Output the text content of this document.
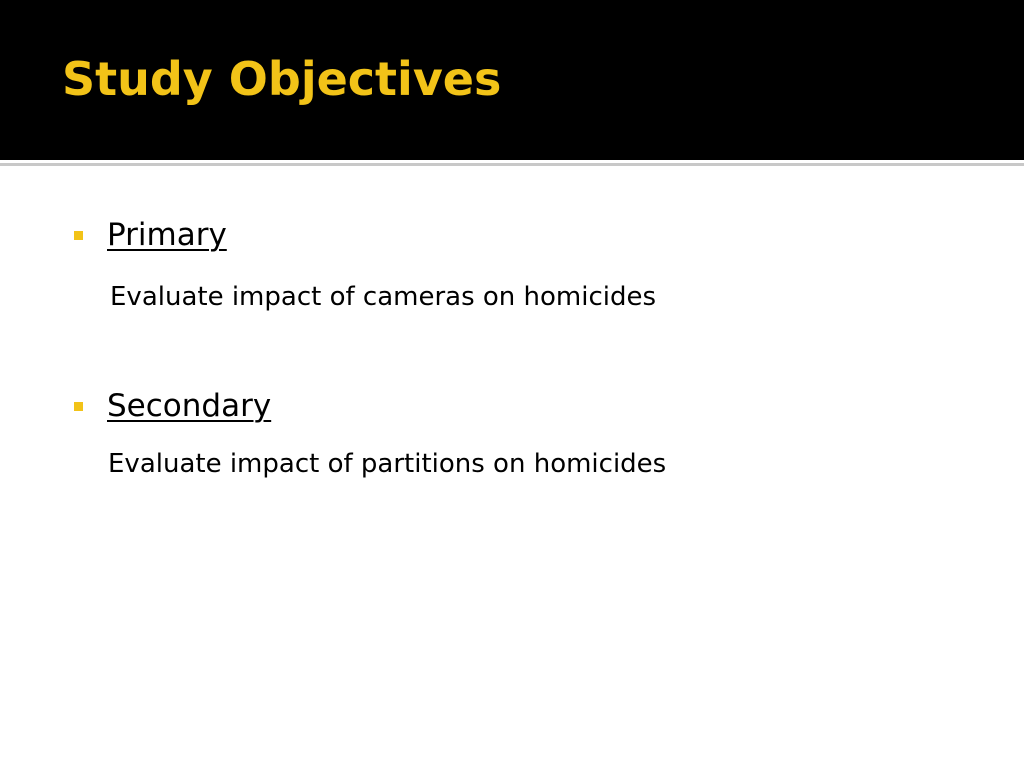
Study Objectives
Primary
Evaluate impact of cameras on homicides
Secondary
Evaluate impact of partitions on homicides
